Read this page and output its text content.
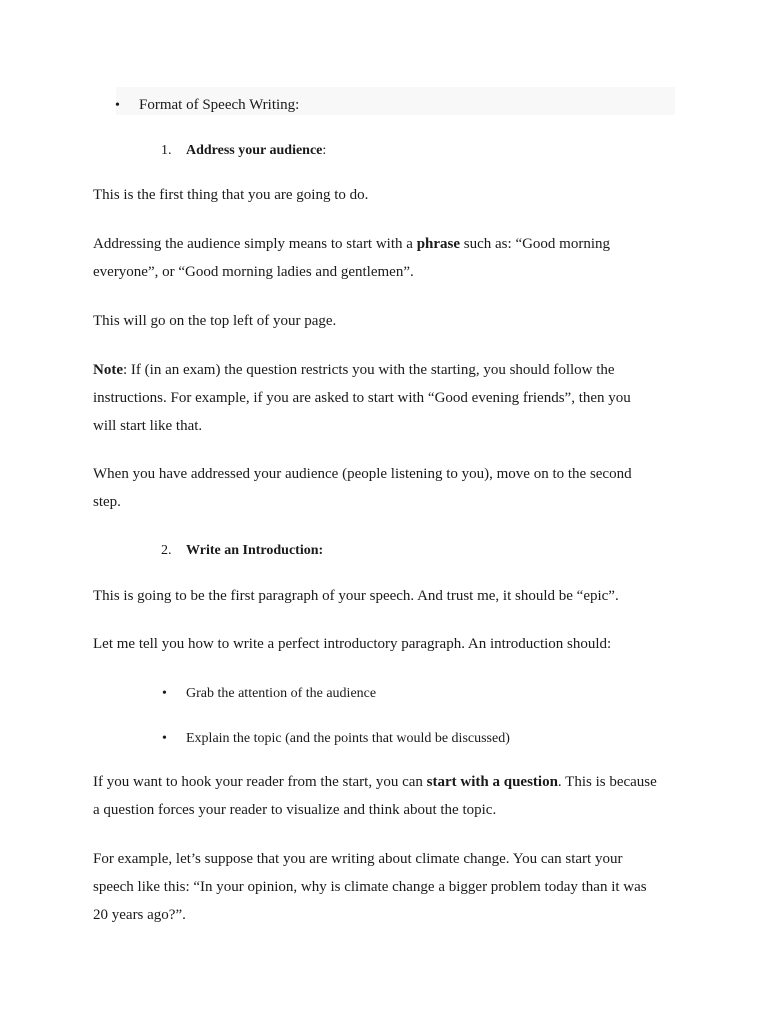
• Format of Speech Writing:
1. Address your audience:
This is the first thing that you are going to do.
Addressing the audience simply means to start with a phrase such as: “Good morning
everyone”, or “Good morning ladies and gentlemen”.
This will go on the top left of your page.
Note: If (in an exam) the question restricts you with the starting, you should follow the
instructions. For example, if you are asked to start with “Good evening friends”, then you
will start like that.
When you have addressed your audience (people listening to you), move on to the second
step.
2. Write an Introduction:
This is going to be the first paragraph of your speech. And trust me, it should be “epic”.
Let me tell you how to write a perfect introductory paragraph. An introduction should:
• Grab the attention of the audience
• Explain the topic (and the points that would be discussed)
If you want to hook your reader from the start, you can start with a question. This is because
a question forces your reader to visualize and think about the topic.
For example, let’s suppose that you are writing about climate change. You can start your
speech like this: “In your opinion, why is climate change a bigger problem today than it was
20 years ago?”.
